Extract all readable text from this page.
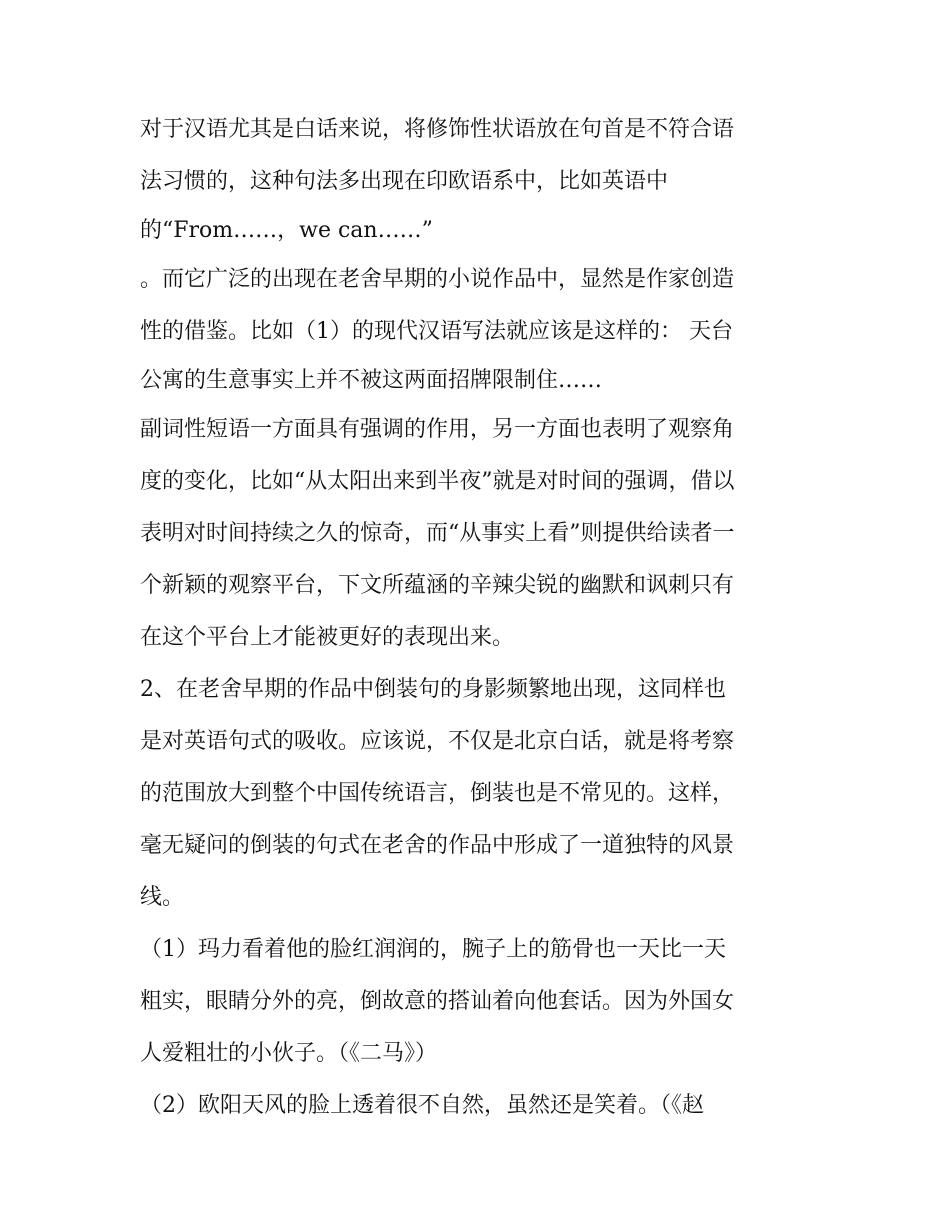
对于汉语尤其是白话来说，将修饰性状语放在句首是不符合语
法习惯的，这种句法多出现在印欧语系中，比如英语中
的“From……，we can……”
。而它广泛的出现在老舍早期的小说作品中，显然是作家创造
性的借鉴。比如（1）的现代汉语写法就应该是这样的： 天台
公寓的生意事实上并不被这两面招牌限制住……
副词性短语一方面具有强调的作用，另一方面也表明了观察角
度的变化，比如“从太阳出来到半夜”就是对时间的强调，借以
表明对时间持续之久的惊奇，而“从事实上看”则提供给读者一
个新颖的观察平台，下文所蕴涵的辛辣尖锐的幽默和讽刺只有
在这个平台上才能被更好的表现出来。
2、在老舍早期的作品中倒装句的身影频繁地出现，这同样也
是对英语句式的吸收。应该说，不仅是北京白话，就是将考察
的范围放大到整个中国传统语言，倒装也是不常见的。这样，
毫无疑问的倒装的句式在老舍的作品中形成了一道独特的风景
线。
（1）玛力看着他的脸红润润的，腕子上的筋骨也一天比一天
粗实，眼睛分外的亮，倒故意的搭讪着向他套话。因为外国女
人爱粗壮的小伙子。（《二马》）
（2）欧阳天风的脸上透着很不自然，虽然还是笑着。（《赵
